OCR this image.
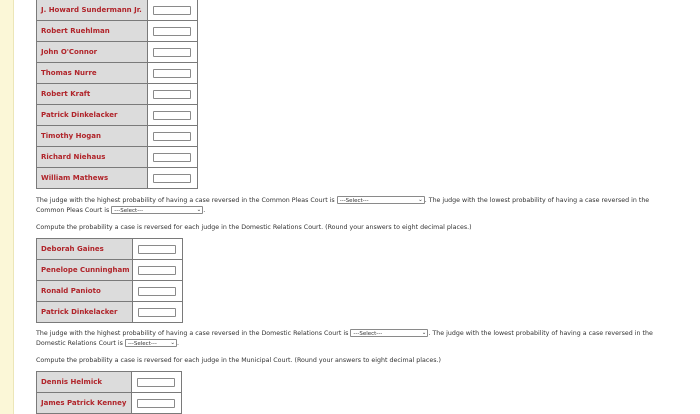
J. Howard Sundermann Jr.	

Robert Ruehlman	

John O'Connor	

Thomas Nurre	

Robert Kraft	

Patrick Dinkelacker	

Timothy Hogan	

Richard Niehaus	

William Mathews	
The judge with the highest probability of having a case reversed in the Common Pleas Court is ---Select---	⌄ . The judge with the lowest probability of having a case reversed in the
Common Pleas Court is ---Select---	⌄ .
Compute the probability a case is reversed for each judge in the Domestic Relations Court. (Round your answers to eight decimal places.)
Deborah Gaines	

Penelope Cunningham	

Ronald Panioto	

Patrick Dinkelacker	
The judge with the highest probability of having a case reversed in the Domestic Relations Court is ---Select---	⌄ . The judge with the lowest probability of having a case reversed in the
Domestic Relations Court is ---Select--- ⌄ .
Compute the probability a case is reversed for each judge in the Municipal Court. (Round your answers to eight decimal places.)
Dennis Helmick	

James Patrick Kenney	
